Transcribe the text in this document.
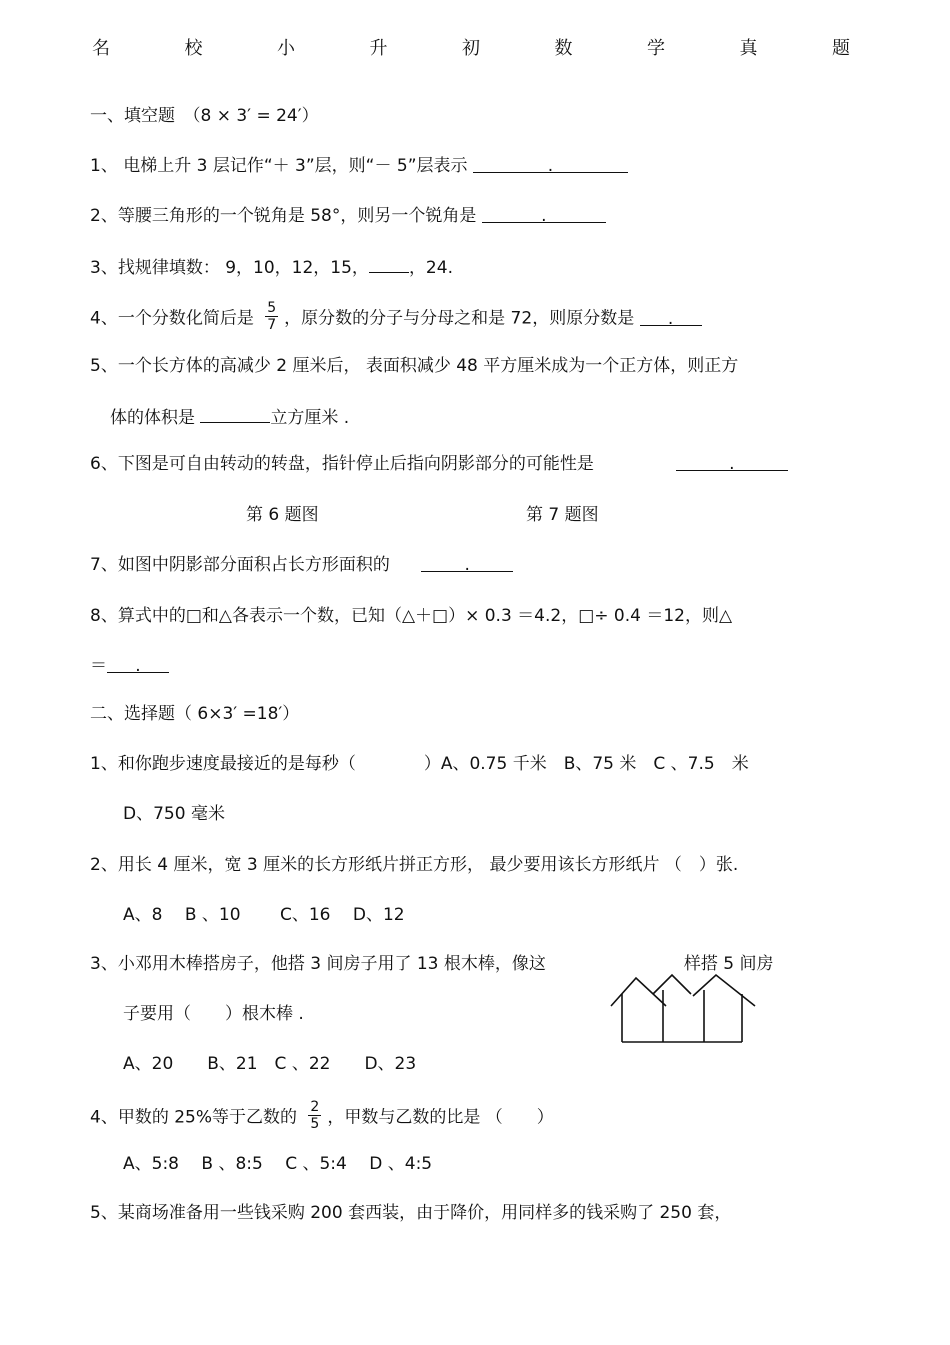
名	校	小	升	初	数	学	真	题
一、填空题　（8 × 3′ = 24′）
1、 电梯上升 3 层记作“＋ 3”层，则“－ 5”层表示	.
2、等腰三角形的一个锐角是 58°，则另一个锐角是	.
3、找规律填数： 9，10，12，15， ，24.
4、一个分数化简后是 $\frac{5}{7}$ ，原分数的分子与分母之和是 72，则原分数是 .
5、一个长方体的高减少 2 厘米后， 表面积减少 48 平方厘米成为一个正方体，则正方
体的体积是	立方厘米 .
6、下图是可自由转动的转盘，指针停止后指向阴影部分的可能性是	.
第 6 题图	第 7 题图
7、如图中阴影部分面积占长方形面积的	.
8、算式中的□和△各表示一个数，已知（△＋□）× 0.3 ＝4.2，□÷ 0.4 ＝12，则△
＝ .
二、选择题（ 6×3′ =18′）
1、和你跑步速度最接近的是每秒（　　　　）A、0.75 千米　B、75 米　C 、7.5　米
D、750 毫米
2、用长 4 厘米，宽 3 厘米的长方形纸片拼正方形， 最少要用该长方形纸片 （　）张.
A、8　 B 、10　　 C、16　 D、12
3、小邓用木棒搭房子，他搭 3 间房子用了 13 根木棒，像这	样搭 5 间房
子要用（　　）根木棒 .
A、20　　B、21　C 、22　　D、23
4、甲数的 25%等于乙数的 $\frac{2}{5}$ ，甲数与乙数的比是 （　　）
A、5:8　 B 、8:5　 C 、5:4　 D 、4:5
5、某商场准备用一些钱采购 200 套西装，由于降价，用同样多的钱采购了 250 套，
